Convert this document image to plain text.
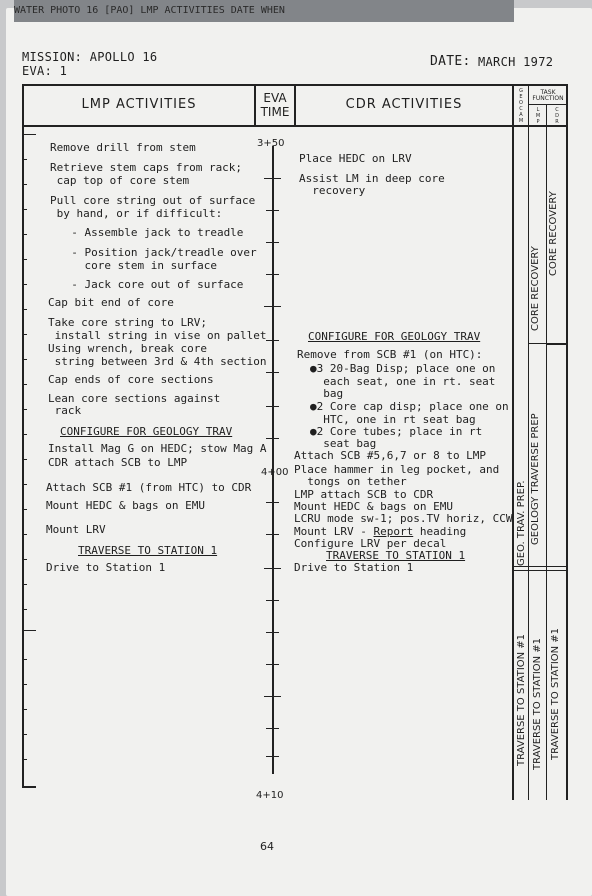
WATER PHOTO 16 [PAO] LMP ACTIVITIES DATE WHEN
MISSION: APOLLO 16
EVA: 1
DATE: MARCH 1972
LMP ACTIVITIES	EVA
TIME	CDR ACTIVITIES
G
E
O
C
A
M
TASK FUNCTION
L
M
P
C
D
R
3+50
4+00
4+10
Remove drill from stem
Retrieve stem caps from rack;
cap top of core stem
Pull core string out of surface
by hand, or if difficult:
- Assemble jack to treadle
- Position jack/treadle over
core stem in surface
- Jack core out of surface
Cap bit end of core
Take core string to LRV;
install string in vise on pallet
Using wrench, break core
string between 3rd & 4th section
Cap ends of core sections
Lean core sections against
rack
CONFIGURE FOR GEOLOGY TRAV
Install Mag G on HEDC; stow Mag A
CDR attach SCB to LMP
Attach SCB #1 (from HTC) to CDR
Mount HEDC & bags on EMU
Mount LRV
TRAVERSE TO STATION 1
Drive to Station 1
Place HEDC on LRV
Assist LM in deep core
recovery
CONFIGURE FOR GEOLOGY TRAV
Remove from SCB #1 (on HTC):
●3 20-Bag Disp; place one on
each seat, one in rt. seat
bag
●2 Core cap disp; place one on
HTC, one in rt seat bag
●2 Core tubes; place in rt
seat bag
Attach SCB #5,6,7 or 8 to LMP
Place hammer in leg pocket, and
tongs on tether
LMP attach SCB to CDR
Mount HEDC & bags on EMU
LCRU mode sw-1; pos.TV horiz, CCW
Mount LRV - Report heading
Configure LRV per decal
TRAVERSE TO STATION 1
Drive to Station 1
GEO. TRAV. PREP.
TRAVERSE TO STATION #1
CORE RECOVERY
GEOLOGY TRAVERSE PREP
TRAVERSE TO STATION #1
CORE RECOVERY
TRAVERSE TO STATION #1
64
